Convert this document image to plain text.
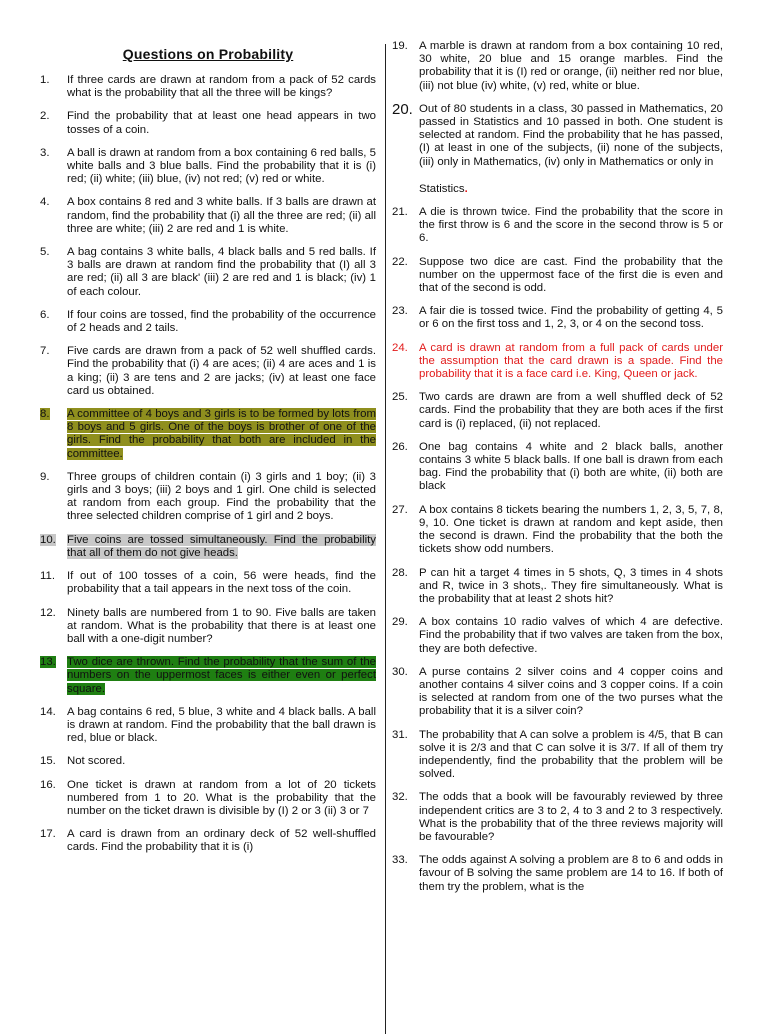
Questions on Probability
1.	If three cards are drawn at random from a pack of 52 cards what is the probability that all the three will be kings?
2.	Find the probability that at least one head appears in two tosses of a coin.
3.	A ball is drawn at random from a box containing 6 red balls, 5 white balls and 3 blue balls. Find the probability that it is (i) red; (ii) white; (iii) blue, (iv) not red; (v) red or white.
4.	A box contains 8 red and 3 white balls. If 3 balls are drawn at random, find the probability that (i) all the three are red; (ii) all three are white; (iii) 2 are red and 1 is white.
5.	A bag contains 3 white balls, 4 black balls and 5 red balls. If 3 balls are drawn at random find the probability that (I) all 3 are red; (ii) all 3 are black' (iii) 2 are red and 1 is black; (iv) 1 of each colour.
6.	If four coins are tossed, find the probability of the occurrence of 2 heads and 2 tails.
7.	Five cards are drawn from a pack of 52 well shuffled cards. Find the probability that (i) 4 are aces; (ii) 4 are aces and 1 is a king; (ii) 3 are tens and 2 are jacks; (iv) at least one face card us obtained.
8.	A committee of 4 boys and 3 girls is to be formed by lots from 8 boys and 5 girls. One of the boys is brother of one of the girls. Find the probability that both are included in the committee.
9.	Three groups of children contain (i) 3 girls and 1 boy; (ii) 3 girls and 3 boys; (iii) 2 boys and 1 girl. One child is selected at random from each group. Find the probability that the three selected children comprise of 1 girl and 2 boys.
10. Five coins are tossed simultaneously. Find the probability that all of them do not give heads.
11.	If out of 100 tosses of a coin, 56 were heads, find the probability that a tail appears in the next toss of the coin.
12. Ninety balls are numbered from 1 to 90. Five balls are taken at random. What is the probability that there is at least one ball with a one-digit number?
13. Two dice are thrown. Find the probability that the sum of the numbers on the uppermost faces is either even or perfect square.
14. A bag contains 6 red, 5 blue, 3 white and 4 black balls. A ball is drawn at random. Find the probability that the ball drawn is red, blue or black.
15. Not scored.
16. One ticket is drawn at random from a lot of 20 tickets numbered from 1 to 20. What is the probability that the number on the ticket drawn is divisible by (I) 2 or 3 (ii) 3 or 7
17. A card is drawn from an ordinary deck of 52 well-shuffled cards. Find the probability that it is (i)
19. A marble is drawn at random from a box containing 10 red, 30 white, 20 blue and 15 orange marbles. Find the probability that it is (I) red or orange, (ii) neither red nor blue, (iii) not blue (iv) white, (v) red, white or blue.
20. Out of 80 students in a class, 30 passed in Mathematics, 20 passed in Statistics and 10 passed in both. One student is selected at random. Find the probability that he has passed, (I) at least in one of the subjects, (ii) none of the subjects, (iii) only in Mathematics, (iv) only in Mathematics or only in
Statistics.
21. A die is thrown twice. Find the probability that the score in the first throw is 6 and the score in the second throw is 5 or 6.
22. Suppose two dice are cast. Find the probability that the number on the uppermost face of the first die is even and that of the second is odd.
23. A fair die is tossed twice. Find the probability of getting 4, 5 or 6 on the first toss and 1, 2, 3, or 4 on the second toss.
24. A card is drawn at random from a full pack of cards under the assumption that the card drawn is a spade. Find the probability that it is a face card i.e. King, Queen or jack.
25. Two cards are drawn are from a well shuffled deck of 52 cards. Find the probability that they are both aces if the first card is (i) replaced, (ii) not replaced.
26. One bag contains 4 white and 2 black balls, another contains 3 white 5 black balls. If one ball is drawn from each bag. Find the probability that (i) both are white, (ii) both are black
27. A box contains 8 tickets bearing the numbers 1, 2, 3, 5, 7, 8, 9, 10. One ticket is drawn at random and kept aside, then the second is drawn. Find the probability that the both the tickets show odd numbers.
28. P can hit a target 4 times in 5 shots, Q, 3 times in 4 shots and R, twice in 3 shots,. They fire simultaneously. What is the probability that at least 2 shots hit?
29. A box contains 10 radio valves of which 4 are defective. Find the probability that if two valves are taken from the box, they are both defective.
30. A purse contains 2 silver coins and 4 copper coins and another contains 4 silver coins and 3 copper coins. If a coin is selected at random from one of the two purses what the probability that it is a silver coin?
31. The probability that A can solve a problem is 4/5, that B can solve it is 2/3 and that C can solve it is 3/7. If all of them try independently, find the probability that the problem will be solved.
32. The odds that a book will be favourably reviewed by three independent critics are 3 to 2, 4 to 3 and 2 to 3 respectively. What is the probability that of the three reviews majority will be favourable?
33. The odds against A solving a problem are 8 to 6 and odds in favour of B solving the same problem are 14 to 16. If both of them try the problem, what is the
